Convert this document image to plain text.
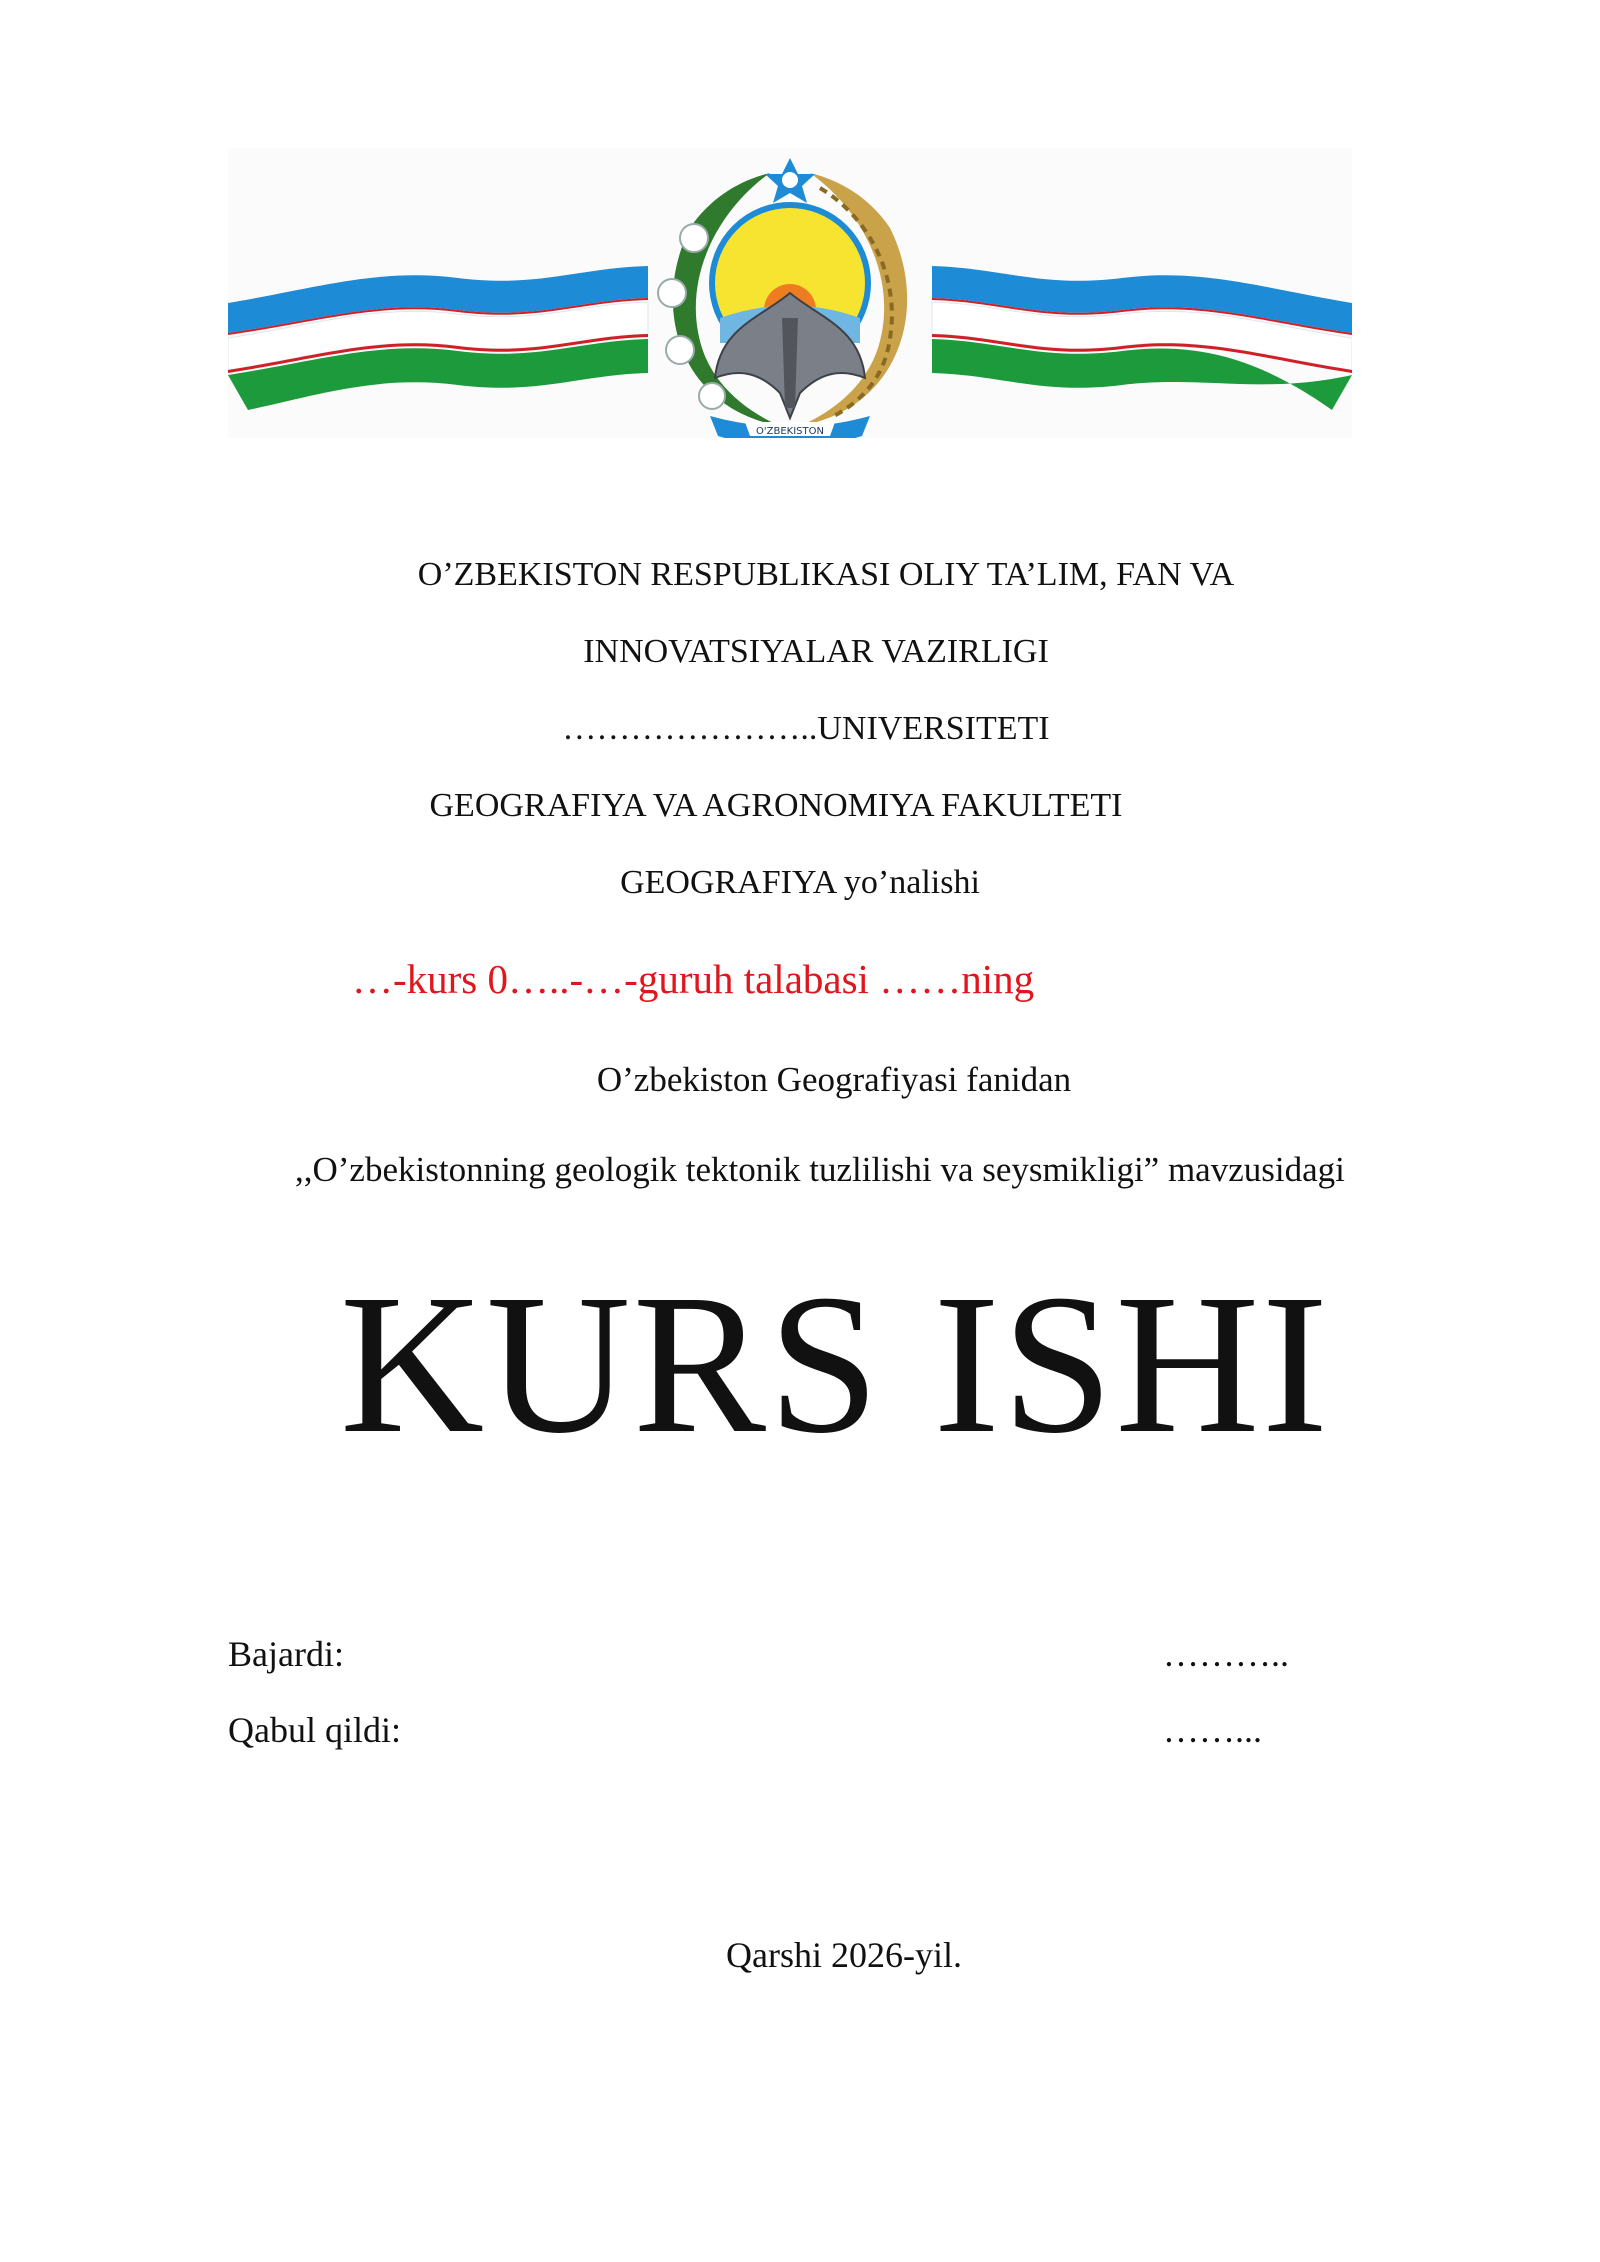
O'ZBEKISTON
O’ZBEKISTON RESPUBLIKASI OLIY TA’LIM, FAN VA
INNOVATSIYALAR VAZIRLIGI
…………………..UNIVERSITETI
GEOGRAFIYA VA AGRONOMIYA FAKULTETI
GEOGRAFIYA yo’nalishi
…-kurs 0…..-…-guruh talabasi ……ning
O’zbekiston Geografiyasi fanidan
,,O’zbekistonning geologik tektonik tuzlilishi va seysmikligi” mavzusidagi
KURS ISHI
Bajardi:	………..
Qabul qildi:	……...
Qarshi 2026-yil.
